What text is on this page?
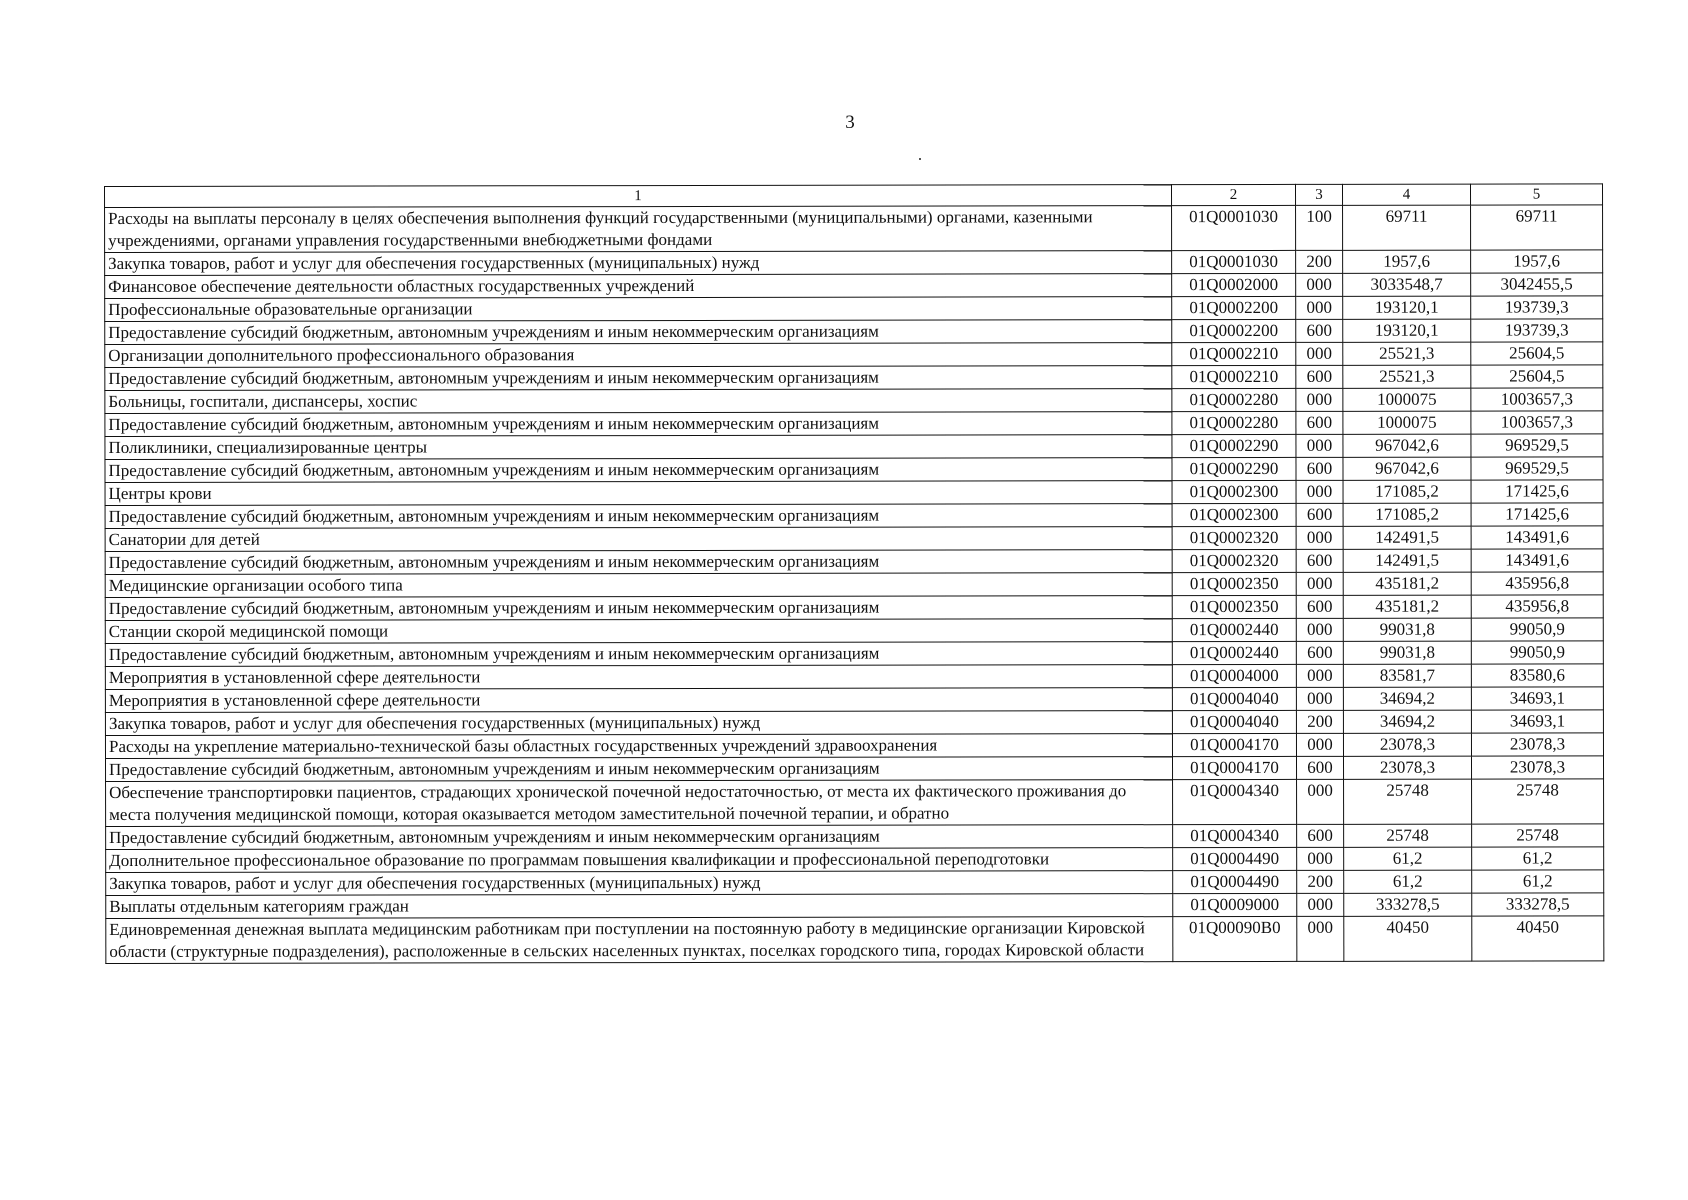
3
1	2	3	4	5
Расходы на выплаты персоналу в целях обеспечения выполнения функций государственными (муниципальными) органами, казенными учреждениями, органами управления государственными внебюджетными фондами	01Q0001030	100	69711	69711
Закупка товаров, работ и услуг для обеспечения государственных (муниципальных) нужд	01Q0001030	200	1957,6	1957,6
Финансовое обеспечение деятельности областных государственных учреждений	01Q0002000	000	3033548,7	3042455,5
Профессиональные образовательные организации	01Q0002200	000	193120,1	193739,3
Предоставление субсидий бюджетным, автономным учреждениям и иным некоммерческим организациям	01Q0002200	600	193120,1	193739,3
Организации дополнительного профессионального образования	01Q0002210	000	25521,3	25604,5
Предоставление субсидий бюджетным, автономным учреждениям и иным некоммерческим организациям	01Q0002210	600	25521,3	25604,5
Больницы, госпитали, диспансеры, хоспис	01Q0002280	000	1000075	1003657,3
Предоставление субсидий бюджетным, автономным учреждениям и иным некоммерческим организациям	01Q0002280	600	1000075	1003657,3
Поликлиники, специализированные центры	01Q0002290	000	967042,6	969529,5
Предоставление субсидий бюджетным, автономным учреждениям и иным некоммерческим организациям	01Q0002290	600	967042,6	969529,5
Центры крови	01Q0002300	000	171085,2	171425,6
Предоставление субсидий бюджетным, автономным учреждениям и иным некоммерческим организациям	01Q0002300	600	171085,2	171425,6
Санатории для детей	01Q0002320	000	142491,5	143491,6
Предоставление субсидий бюджетным, автономным учреждениям и иным некоммерческим организациям	01Q0002320	600	142491,5	143491,6
Медицинские организации особого типа	01Q0002350	000	435181,2	435956,8
Предоставление субсидий бюджетным, автономным учреждениям и иным некоммерческим организациям	01Q0002350	600	435181,2	435956,8
Станции скорой медицинской помощи	01Q0002440	000	99031,8	99050,9
Предоставление субсидий бюджетным, автономным учреждениям и иным некоммерческим организациям	01Q0002440	600	99031,8	99050,9
Мероприятия в установленной сфере деятельности	01Q0004000	000	83581,7	83580,6
Мероприятия в установленной сфере деятельности	01Q0004040	000	34694,2	34693,1
Закупка товаров, работ и услуг для обеспечения государственных (муниципальных) нужд	01Q0004040	200	34694,2	34693,1
Расходы на укрепление материально-технической базы областных государственных учреждений здравоохранения	01Q0004170	000	23078,3	23078,3
Предоставление субсидий бюджетным, автономным учреждениям и иным некоммерческим организациям	01Q0004170	600	23078,3	23078,3
Обеспечение транспортировки пациентов, страдающих хронической почечной недостаточностью, от места их фактического проживания до места получения медицинской помощи, которая оказывается методом заместительной почечной терапии, и обратно	01Q0004340	000	25748	25748
Предоставление субсидий бюджетным, автономным учреждениям и иным некоммерческим организациям	01Q0004340	600	25748	25748
Дополнительное профессиональное образование по программам повышения квалификации и профессиональной переподготовки	01Q0004490	000	61,2	61,2
Закупка товаров, работ и услуг для обеспечения государственных (муниципальных) нужд	01Q0004490	200	61,2	61,2
Выплаты отдельным категориям граждан	01Q0009000	000	333278,5	333278,5
Единовременная денежная выплата медицинским работникам при поступлении на постоянную работу в медицинские организации Кировской области (структурные подразделения), расположенные в сельских населенных пунктах, поселках городского типа, городах Кировской области	01Q00090B0	000	40450	40450
